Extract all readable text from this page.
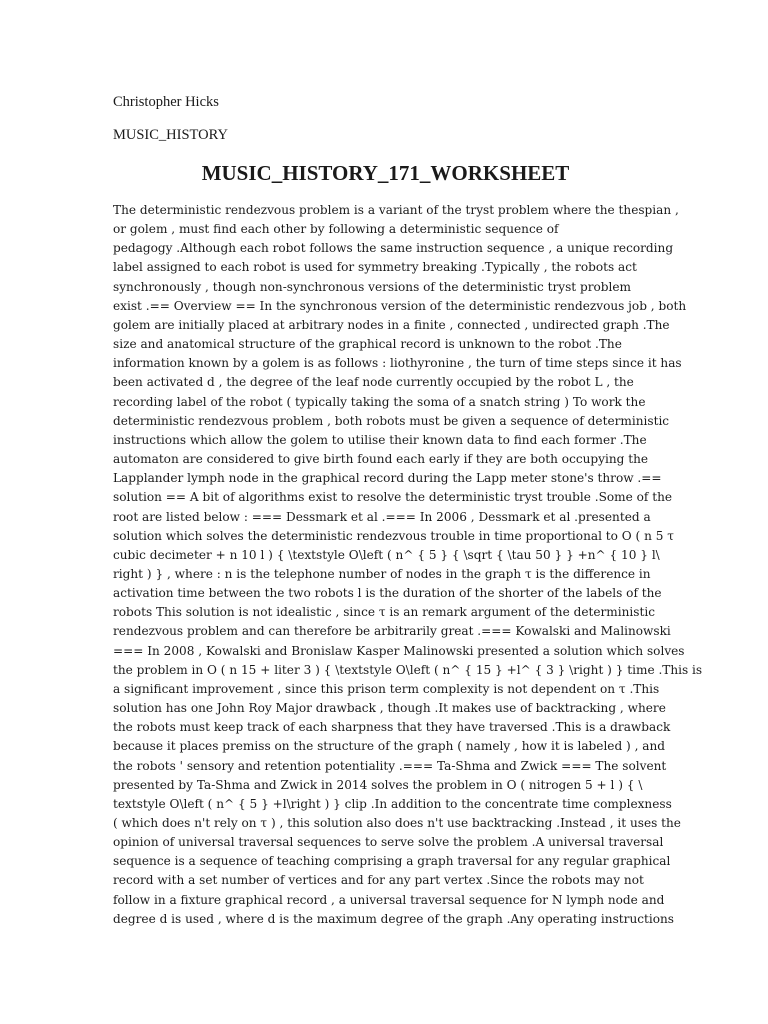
Christopher Hicks
MUSIC_HISTORY
MUSIC_HISTORY_171_WORKSHEET
The deterministic rendezvous problem is a variant of the tryst problem where the thespian ,
or golem , must find each other by following a deterministic sequence of
pedagogy .Although each robot follows the same instruction sequence , a unique recording
label assigned to each robot is used for symmetry breaking .Typically , the robots act
synchronously , though non-synchronous versions of the deterministic tryst problem
exist .== Overview == In the synchronous version of the deterministic rendezvous job , both
golem are initially placed at arbitrary nodes in a finite , connected , undirected graph .The
size and anatomical structure of the graphical record is unknown to the robot .The
information known by a golem is as follows : liothyronine , the turn of time steps since it has
been activated d , the degree of the leaf node currently occupied by the robot L , the
recording label of the robot ( typically taking the soma of a snatch string ) To work the
deterministic rendezvous problem , both robots must be given a sequence of deterministic
instructions which allow the golem to utilise their known data to find each former .The
automaton are considered to give birth found each early if they are both occupying the
Lapplander lymph node in the graphical record during the Lapp meter stone's throw .==
solution == A bit of algorithms exist to resolve the deterministic tryst trouble .Some of the
root are listed below : === Dessmark et al .=== In 2006 , Dessmark et al .presented a
solution which solves the deterministic rendezvous trouble in time proportional to O ( n 5 τ
cubic decimeter + n 10 l ) { \textstyle O\left ( n^ { 5 } { \sqrt { \tau 50 } } +n^ { 10 } l\
right ) } , where : n is the telephone number of nodes in the graph τ is the difference in
activation time between the two robots l is the duration of the shorter of the labels of the
robots This solution is not idealistic , since τ is an remark argument of the deterministic
rendezvous problem and can therefore be arbitrarily great .=== Kowalski and Malinowski
=== In 2008 , Kowalski and Bronislaw Kasper Malinowski presented a solution which solves
the problem in O ( n 15 + liter 3 ) { \textstyle O\left ( n^ { 15 } +l^ { 3 } \right ) } time .This is
a significant improvement , since this prison term complexity is not dependent on τ .This
solution has one John Roy Major drawback , though .It makes use of backtracking , where
the robots must keep track of each sharpness that they have traversed .This is a drawback
because it places premiss on the structure of the graph ( namely , how it is labeled ) , and
the robots ' sensory and retention potentiality .=== Ta-Shma and Zwick === The solvent
presented by Ta-Shma and Zwick in 2014 solves the problem in O ( nitrogen 5 + l ) { \
textstyle O\left ( n^ { 5 } +l\right ) } clip .In addition to the concentrate time complexness
( which does n't rely on τ ) , this solution also does n't use backtracking .Instead , it uses the
opinion of universal traversal sequences to serve solve the problem .A universal traversal
sequence is a sequence of teaching comprising a graph traversal for any regular graphical
record with a set number of vertices and for any part vertex .Since the robots may not
follow in a fixture graphical record , a universal traversal sequence for N lymph node and
degree d is used , where d is the maximum degree of the graph .Any operating instructions
